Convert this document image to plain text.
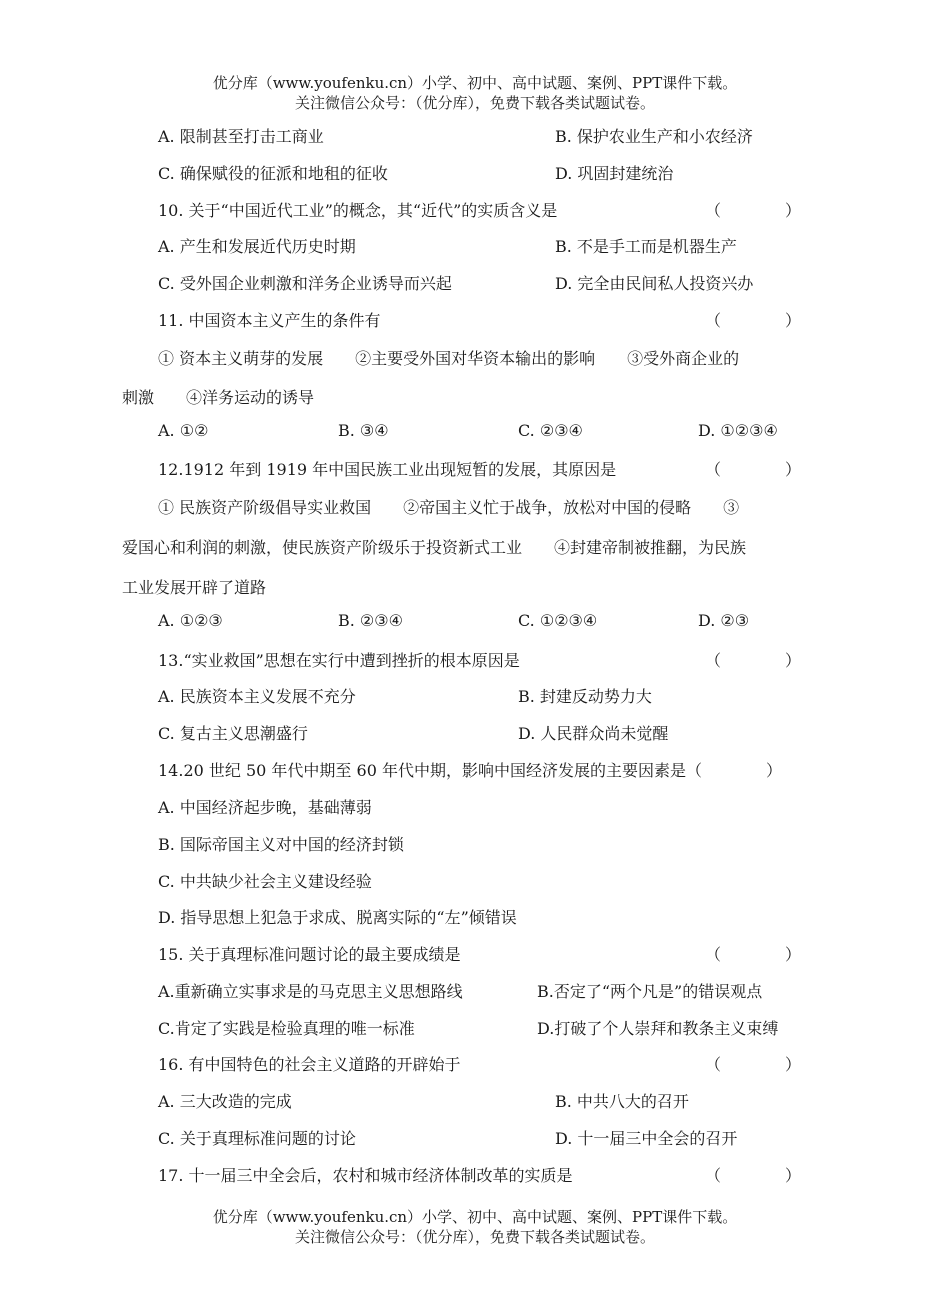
优分库（www.youfenku.cn）小学、初中、高中试题、案例、PPT课件下载。
关注微信公众号：（优分库），免费下载各类试题试卷。
A. 限制甚至打击工商业	B. 保护农业生产和小农经济
C. 确保赋役的征派和地租的征收	D. 巩固封建统治
10. 关于“中国近代工业”的概念，其“近代”的实质含义是	（　　　　）
A. 产生和发展近代历史时期	B. 不是手工而是机器生产
C. 受外国企业刺激和洋务企业诱导而兴起	D. 完全由民间私人投资兴办
11. 中国资本主义产生的条件有	（　　　　）
① 资本主义萌芽的发展　　②主要受外国对华资本输出的影响　　③受外商企业的
刺激　　④洋务运动的诱导
A. ①②	B. ③④	C. ②③④	D. ①②③④
12.1912 年到 1919 年中国民族工业出现短暂的发展，其原因是	（　　　　）
① 民族资产阶级倡导实业救国　　②帝国主义忙于战争，放松对中国的侵略　　③
爱国心和利润的刺激，使民族资产阶级乐于投资新式工业　　④封建帝制被推翻，为民族
工业发展开辟了道路
A. ①②③	B. ②③④	C. ①②③④	D. ②③
13.“实业救国”思想在实行中遭到挫折的根本原因是	（　　　　）
A. 民族资本主义发展不充分	B. 封建反动势力大
C. 复古主义思潮盛行	D. 人民群众尚未觉醒
14.20 世纪 50 年代中期至 60 年代中期，影响中国经济发展的主要因素是（　　　　）
A. 中国经济起步晚，基础薄弱
B. 国际帝国主义对中国的经济封锁
C. 中共缺少社会主义建设经验
D. 指导思想上犯急于求成、脱离实际的“左”倾错误
15. 关于真理标准问题讨论的最主要成绩是	（　　　　）
A.重新确立实事求是的马克思主义思想路线	B.否定了“两个凡是”的错误观点
C.肯定了实践是检验真理的唯一标准	D.打破了个人崇拜和教条主义束缚
16. 有中国特色的社会主义道路的开辟始于	（　　　　）
A. 三大改造的完成	B. 中共八大的召开
C. 关于真理标准问题的讨论	D. 十一届三中全会的召开
17. 十一届三中全会后，农村和城市经济体制改革的实质是	（　　　　）
优分库（www.youfenku.cn）小学、初中、高中试题、案例、PPT课件下载。
关注微信公众号：（优分库），免费下载各类试题试卷。
